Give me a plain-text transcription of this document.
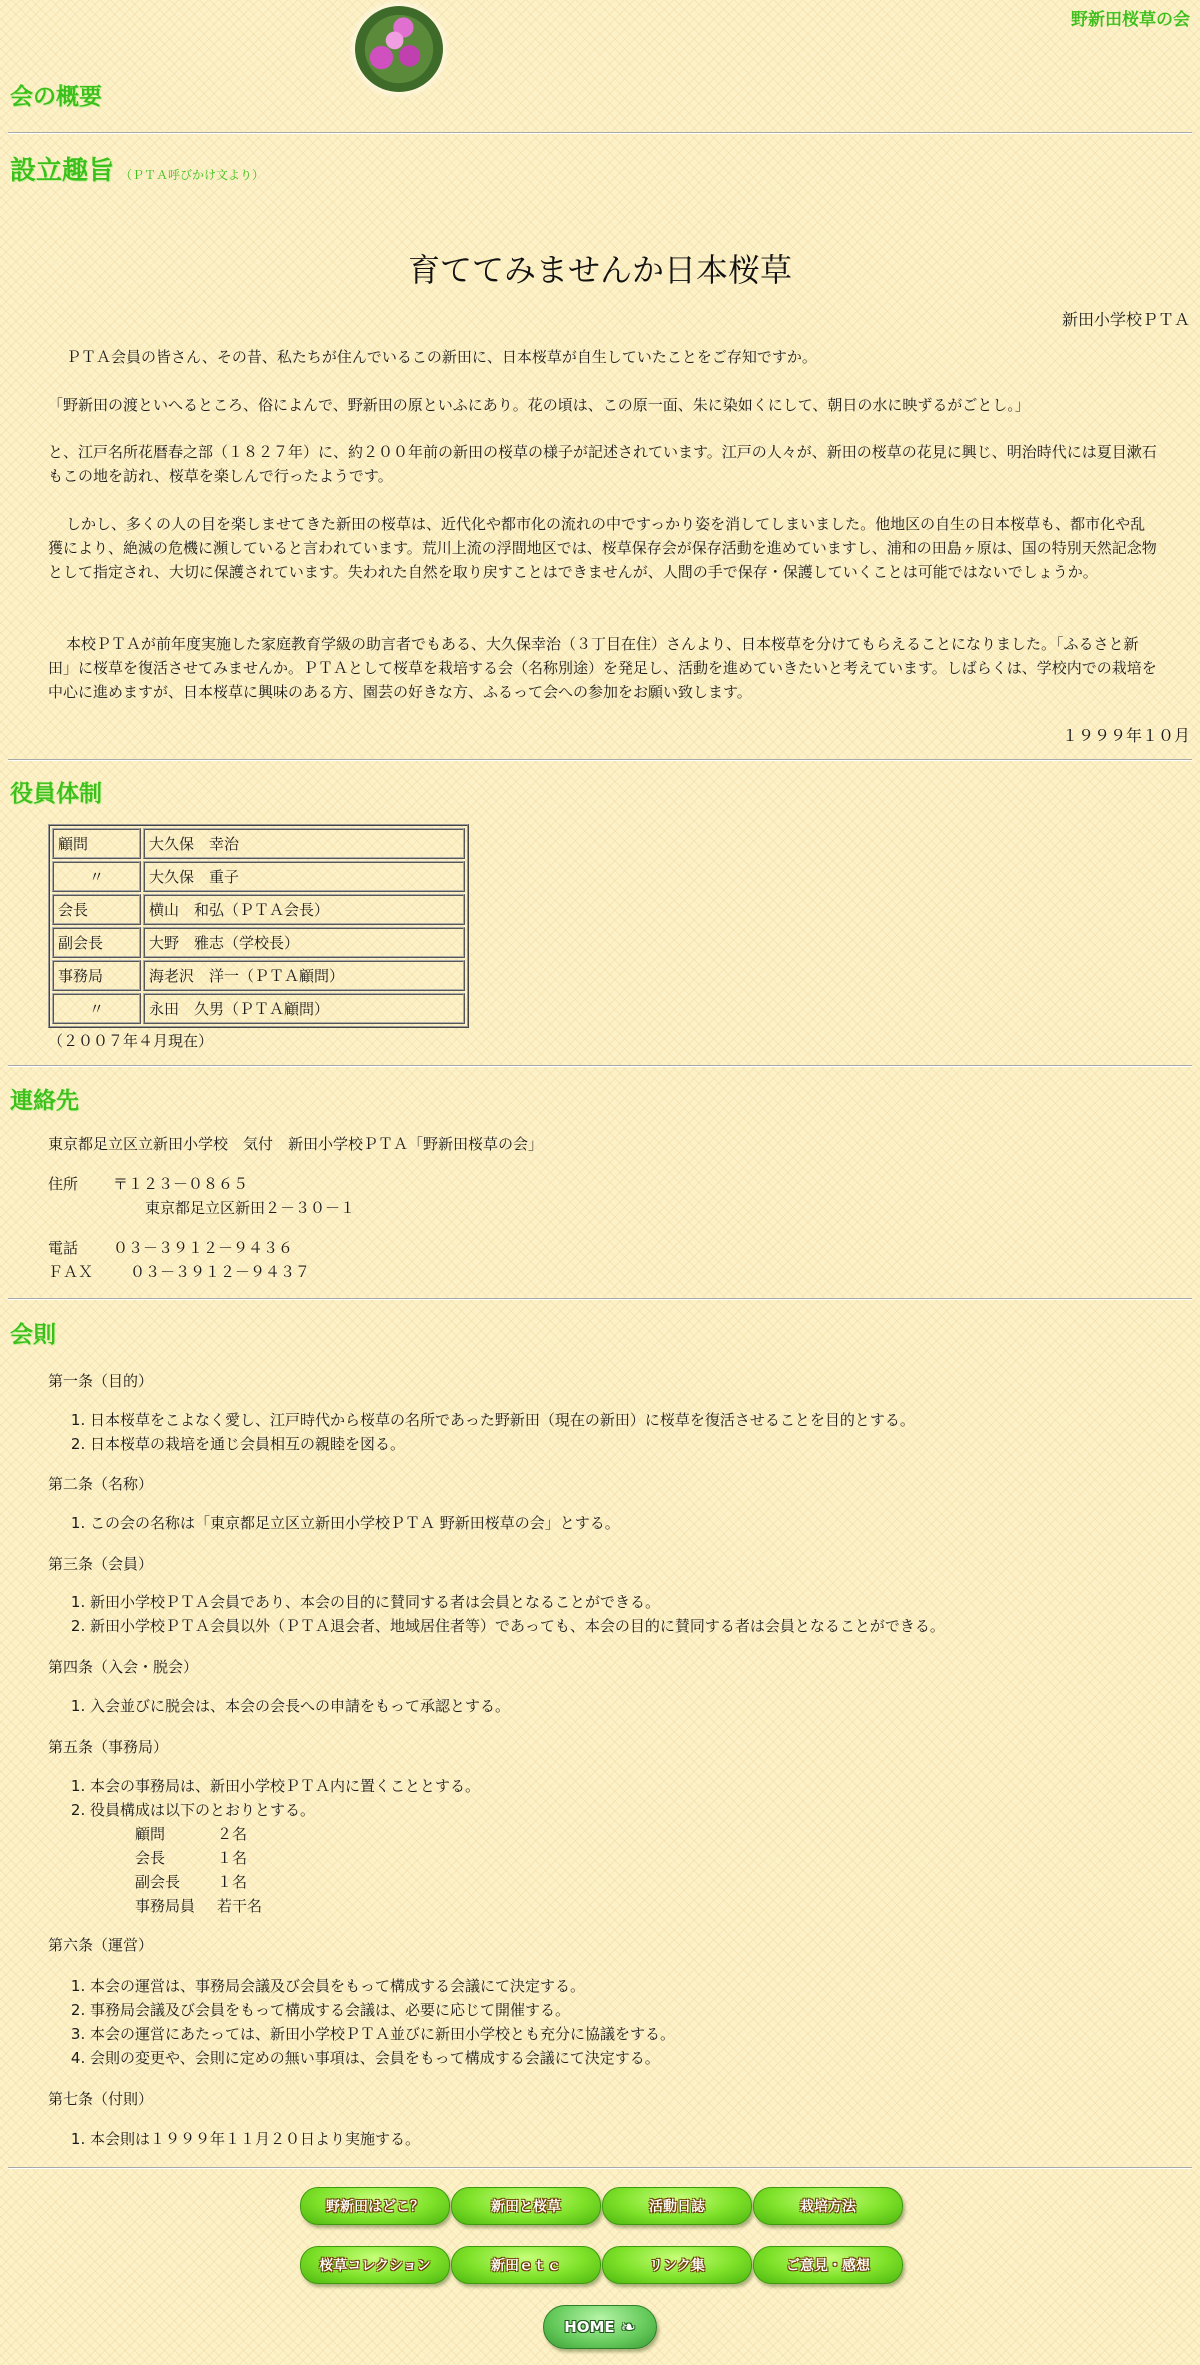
野新田桜草の会
会の概要
設立趣旨 （ＰＴＡ呼びかけ文より）
育ててみませんか日本桜草
新田小学校ＰＴＡ

ＰＴＡ会員の皆さん、その昔、私たちが住んでいるこの新田に、日本桜草が自生していたことをご存知ですか。

「野新田の渡といへるところ、俗によんで、野新田の原といふにあり。花の頃は、この原一面、朱に染如くにして、朝日の水に映ずるがごとし。」

と、江戸名所花暦春之部（１８２７年）に、約２００年前の新田の桜草の様子が記述されています。江戸の人々が、新田の桜草の花見に興じ、明治時代には夏目漱石もこの地を訪れ、桜草を楽しんで行ったようです。

しかし、多くの人の目を楽しませてきた新田の桜草は、近代化や都市化の流れの中ですっかり姿を消してしまいました。他地区の自生の日本桜草も、都市化や乱獲により、絶滅の危機に瀕していると言われています。荒川上流の浮間地区では、桜草保存会が保存活動を進めていますし、浦和の田島ヶ原は、国の特別天然記念物として指定され、大切に保護されています。失われた自然を取り戻すことはできませんが、人間の手で保存・保護していくことは可能ではないでしょうか。

本校ＰＴＡが前年度実施した家庭教育学級の助言者でもある、大久保幸治（３丁目在住）さんより、日本桜草を分けてもらえることになりました。「ふるさと新田」に桜草を復活させてみませんか。ＰＴＡとして桜草を栽培する会（名称別途）を発足し、活動を進めていきたいと考えています。しばらくは、学校内での栽培を中心に進めますが、日本桜草に興味のある方、園芸の好きな方、ふるって会への参加をお願い致します。

１９９９年１０月
役員体制
顧問	大久保　幸治
〃	大久保　重子
会長	横山　和弘（ＰＴＡ会長）
副会長	大野　雅志（学校長）
事務局	海老沢　洋一（ＰＴＡ顧問）
〃	永田　久男（ＰＴＡ顧問）
（２００７年４月現在）
連絡先
東京都足立区立新田小学校　気付　新田小学校ＰＴＡ「野新田桜草の会」
住所 〒１２３－０８６５
東京都足立区新田２－３０－１
電話 ０３－３９１２－９４３６
ＦＡＸ ０３－３９１２－９４３７
会則
第一条（目的）
1. 日本桜草をこよなく愛し、江戸時代から桜草の名所であった野新田（現在の新田）に桜草を復活させることを目的とする。
2. 日本桜草の栽培を通じ会員相互の親睦を図る。
第二条（名称）
1. この会の名称は「東京都足立区立新田小学校ＰＴＡ 野新田桜草の会」とする。
第三条（会員）
1. 新田小学校ＰＴＡ会員であり、本会の目的に賛同する者は会員となることができる。
2. 新田小学校ＰＴＡ会員以外（ＰＴＡ退会者、地域居住者等）であっても、本会の目的に賛同する者は会員となることができる。
第四条（入会・脱会）
1. 入会並びに脱会は、本会の会長への申請をもって承認とする。
第五条（事務局）
1. 本会の事務局は、新田小学校ＰＴＡ内に置くこととする。
2. 役員構成は以下のとおりとする。
顧問	２名
会長	１名
副会長 １名
事務局員 若干名
第六条（運営）
1. 本会の運営は、事務局会議及び会員をもって構成する会議にて決定する。
2. 事務局会議及び会員をもって構成する会議は、必要に応じて開催する。
3. 本会の運営にあたっては、新田小学校ＰＴＡ並びに新田小学校とも充分に協議をする。
4. 会則の変更や、会則に定めの無い事項は、会員をもって構成する会議にて決定する。
第七条（付則）
1. 本会則は１９９９年１１月２０日より実施する。
野新田はどこ？	新田と桜草	活動日誌	栽培方法
桜草コレクション	新田ｅｔｃ	リンク集	ご意見・感想
HOME ❧
